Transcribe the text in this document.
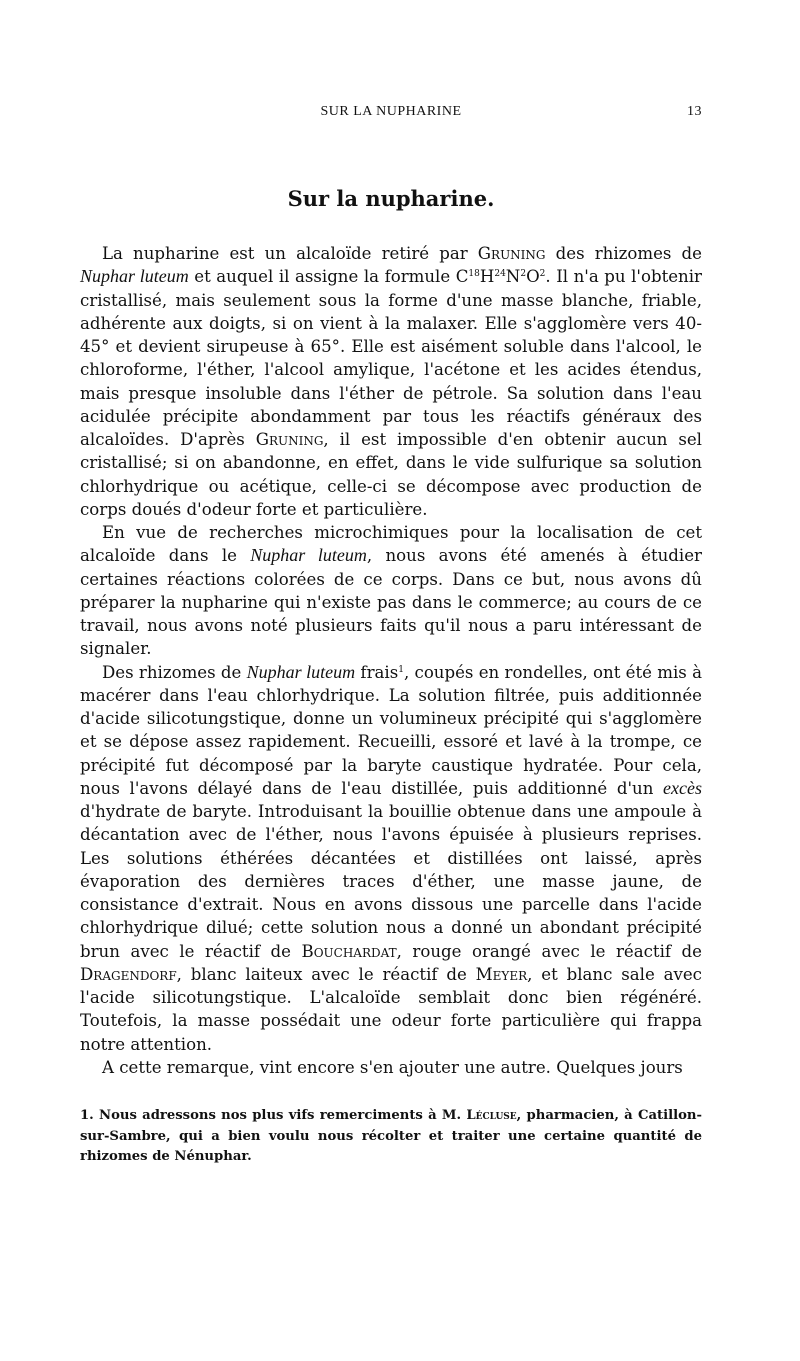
SUR LA NUPHARINE	13
Sur la nupharine.

La nupharine est un alcaloïde retiré par Gruning des rhizomes de Nuphar luteum et auquel il assigne la formule $C^{18}H^{24}N^2O^2$. Il n'a pu l'obtenir cristallisé, mais seulement sous la forme d'une masse blanche, friable, adhérente aux doigts, si on vient à la malaxer. Elle s'agglomère vers 40-45° et devient sirupeuse à 65°. Elle est aisément soluble dans l'alcool, le chloroforme, l'éther, l'alcool amylique, l'acétone et les acides étendus, mais presque insoluble dans l'éther de pétrole. Sa solution dans l'eau acidulée précipite abondamment par tous les réactifs généraux des alcaloïdes. D'après Gruning, il est impossible d'en obtenir aucun sel cristallisé; si on abandonne, en effet, dans le vide sulfurique sa solution chlorhydrique ou acétique, celle-ci se décompose avec production de corps doués d'odeur forte et particulière.

En vue de recherches microchimiques pour la localisation de cet alcaloïde dans le Nuphar luteum, nous avons été amenés à étudier certaines réactions colorées de ce corps. Dans ce but, nous avons dû préparer la nupharine qui n'existe pas dans le commerce; au cours de ce travail, nous avons noté plusieurs faits qu'il nous a paru intéressant de signaler.

Des rhizomes de Nuphar luteum frais$^1$, coupés en rondelles, ont été mis à macérer dans l'eau chlorhydrique. La solution filtrée, puis additionnée d'acide silicotungstique, donne un volumineux précipité qui s'agglomère et se dépose assez rapidement. Recueilli, essoré et lavé à la trompe, ce précipité fut décomposé par la baryte caustique hydratée. Pour cela, nous l'avons délayé dans de l'eau distillée, puis additionné d'un excès d'hydrate de baryte. Introduisant la bouillie obtenue dans une ampoule à décantation avec de l'éther, nous l'avons épuisée à plusieurs reprises. Les solutions éthérées décantées et distillées ont laissé, après évaporation des dernières traces d'éther, une masse jaune, de consistance d'extrait. Nous en avons dissous une parcelle dans l'acide chlorhydrique dilué; cette solution nous a donné un abondant précipité brun avec le réactif de Bouchardat, rouge orangé avec le réactif de Dragendorf, blanc laiteux avec le réactif de Meyer, et blanc sale avec l'acide silicotungstique. L'alcaloïde semblait donc bien régénéré. Toutefois, la masse possédait une odeur forte particulière qui frappa notre attention.

A cette remarque, vint encore s'en ajouter une autre. Quelques jours

1. Nous adressons nos plus vifs remerciments à M. Lécluse, pharmacien, à Catillon-sur-Sambre, qui a bien voulu nous récolter et traiter une certaine quantité de rhizomes de Nénuphar.
